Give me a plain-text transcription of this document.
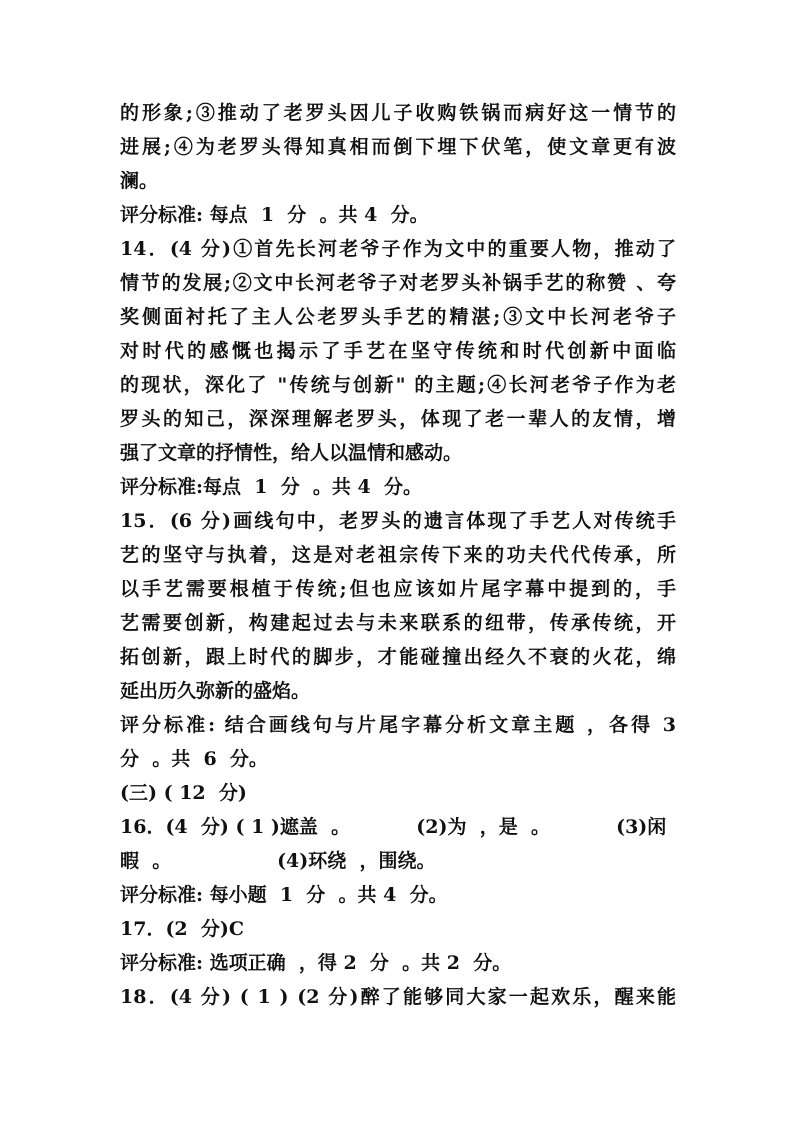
的形象;③推动了老罗头因儿子收购铁锅而病好这一情节的
进展;④为老罗头得知真相而倒下埋下伏笔，使文章更有波
澜。
评分标准: 每点  1  分  。共 4  分。
14．(4 分)①首先长河老爷子作为文中的重要人物，推动了
情节的发展;②文中长河老爷子对老罗头补锅手艺的称赞 、夸
奖侧面衬托了主人公老罗头手艺的精湛;③文中长河老爷子
对时代的感慨也揭示了手艺在坚守传统和时代创新中面临
的现状，深化了 "传统与创新" 的主题;④长河老爷子作为老
罗头的知己，深深理解老罗头，体现了老一辈人的友情，增
强了文章的抒情性，给人以温情和感动。
评分标准:每点  1  分  。共 4  分。
15．(6 分)画线句中，老罗头的遗言体现了手艺人对传统手
艺的坚守与执着，这是对老祖宗传下来的功夫代代传承，所
以手艺需要根植于传统;但也应该如片尾字幕中提到的，手
艺需要创新，构建起过去与未来联系的纽带，传承传统，开
拓创新，跟上时代的脚步，才能碰撞出经久不衰的火花，绵
延出历久弥新的盛焰。
评分标准: 结合画线句与片尾字幕分析文章主题 ，各得 3
分  。共  6  分。
(三) ( 12  分)
16．(4  分) ( 1 )遮盖  。          (2)为  ，是  。          (3)闲
暇  。                (4)环绕  ，围绕。
评分标准: 每小题  1  分  。共 4  分。
17．(2  分)C
评分标准: 选项正确  ，得 2  分  。共 2  分。
18．(4 分) ( 1 ) (2 分)醉了能够同大家一起欢乐，醒来能
